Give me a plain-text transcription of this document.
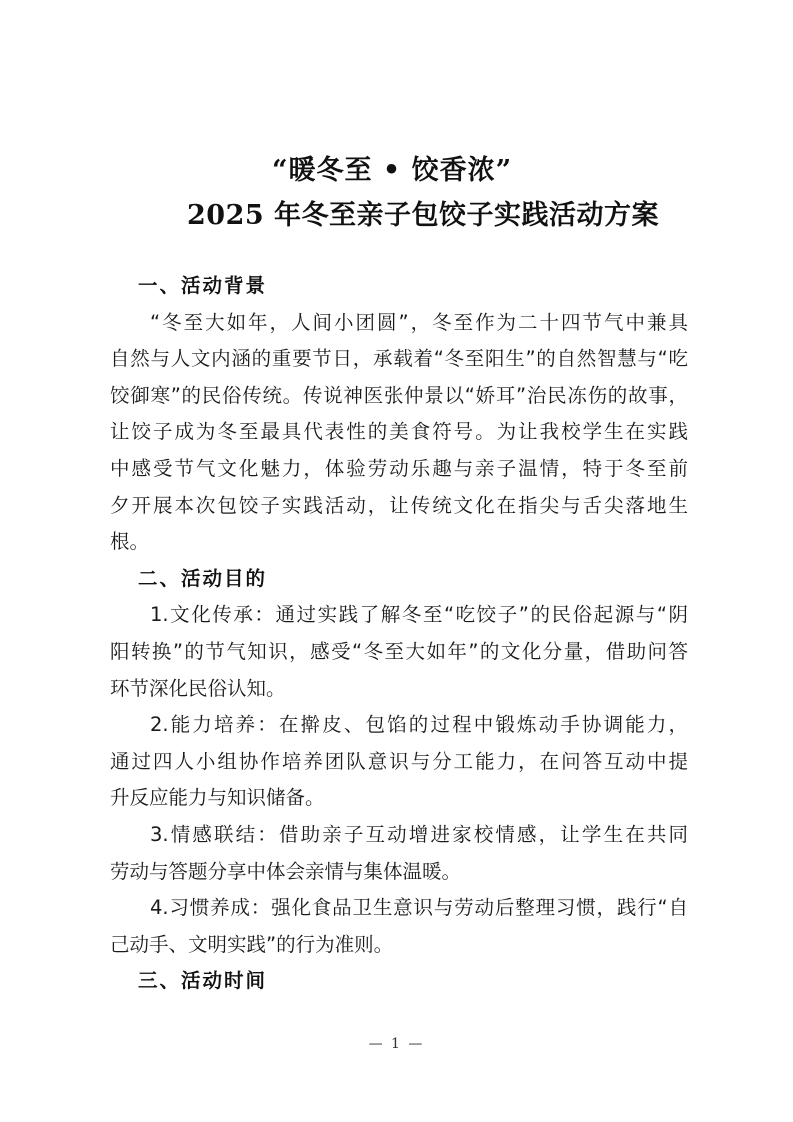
“暖冬至 • 饺香浓”
2025 年冬至亲子包饺子实践活动方案
一、活动背景
“冬至大如年，人间小团圆”，冬至作为二十四节气中兼具
自然与人文内涵的重要节日，承载着“冬至阳生”的自然智慧与“吃
饺御寒”的民俗传统。传说神医张仲景以“娇耳”治民冻伤的故事，
让饺子成为冬至最具代表性的美食符号。为让我校学生在实践
中感受节气文化魅力，体验劳动乐趣与亲子温情，特于冬至前
夕开展本次包饺子实践活动，让传统文化在指尖与舌尖落地生
根。
二、活动目的
1.文化传承：通过实践了解冬至“吃饺子”的民俗起源与“阴
阳转换”的节气知识，感受“冬至大如年”的文化分量，借助问答
环节深化民俗认知。
2.能力培养：在擀皮、包馅的过程中锻炼动手协调能力，
通过四人小组协作培养团队意识与分工能力，在问答互动中提
升反应能力与知识储备。
3.情感联结：借助亲子互动增进家校情感，让学生在共同
劳动与答题分享中体会亲情与集体温暖。
4.习惯养成：强化食品卫生意识与劳动后整理习惯，践行“自
己动手、文明实践”的行为准则。
三、活动时间
— 1 —
